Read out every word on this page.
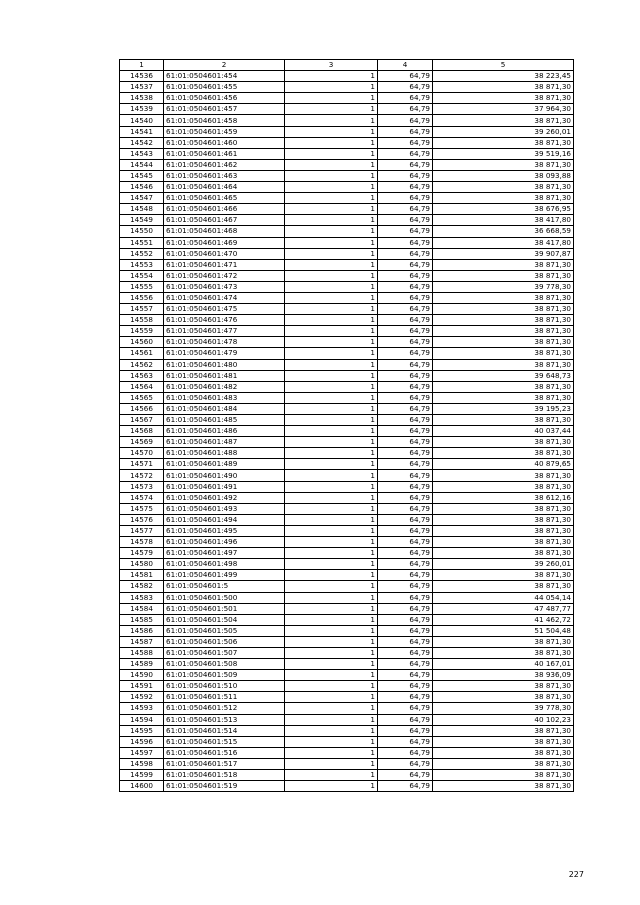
1	2	3	4	5
14536	61:01:0504601:454	1	64,79	38 223,45
14537	61:01:0504601:455	1	64,79	38 871,30
14538	61:01:0504601:456	1	64,79	38 871,30
14539	61:01:0504601:457	1	64,79	37 964,30
14540	61:01:0504601:458	1	64,79	38 871,30
14541	61:01:0504601:459	1	64,79	39 260,01
14542	61:01:0504601:460	1	64,79	38 871,30
14543	61:01:0504601:461	1	64,79	39 519,16
14544	61:01:0504601:462	1	64,79	38 871,30
14545	61:01:0504601:463	1	64,79	38 093,88
14546	61:01:0504601:464	1	64,79	38 871,30
14547	61:01:0504601:465	1	64,79	38 871,30
14548	61:01:0504601:466	1	64,79	38 676,95
14549	61:01:0504601:467	1	64,79	38 417,80
14550	61:01:0504601:468	1	64,79	36 668,59
14551	61:01:0504601:469	1	64,79	38 417,80
14552	61:01:0504601:470	1	64,79	39 907,87
14553	61:01:0504601:471	1	64,79	38 871,30
14554	61:01:0504601:472	1	64,79	38 871,30
14555	61:01:0504601:473	1	64,79	39 778,30
14556	61:01:0504601:474	1	64,79	38 871,30
14557	61:01:0504601:475	1	64,79	38 871,30
14558	61:01:0504601:476	1	64,79	38 871,30
14559	61:01:0504601:477	1	64,79	38 871,30
14560	61:01:0504601:478	1	64,79	38 871,30
14561	61:01:0504601:479	1	64,79	38 871,30
14562	61:01:0504601:480	1	64,79	38 871,30
14563	61:01:0504601:481	1	64,79	39 648,73
14564	61:01:0504601:482	1	64,79	38 871,30
14565	61:01:0504601:483	1	64,79	38 871,30
14566	61:01:0504601:484	1	64,79	39 195,23
14567	61:01:0504601:485	1	64,79	38 871,30
14568	61:01:0504601:486	1	64,79	40 037,44
14569	61:01:0504601:487	1	64,79	38 871,30
14570	61:01:0504601:488	1	64,79	38 871,30
14571	61:01:0504601:489	1	64,79	40 879,65
14572	61:01:0504601:490	1	64,79	38 871,30
14573	61:01:0504601:491	1	64,79	38 871,30
14574	61:01:0504601:492	1	64,79	38 612,16
14575	61:01:0504601:493	1	64,79	38 871,30
14576	61:01:0504601:494	1	64,79	38 871,30
14577	61:01:0504601:495	1	64,79	38 871,30
14578	61:01:0504601:496	1	64,79	38 871,30
14579	61:01:0504601:497	1	64,79	38 871,30
14580	61:01:0504601:498	1	64,79	39 260,01
14581	61:01:0504601:499	1	64,79	38 871,30
14582	61:01:0504601:5	1	64,79	38 871,30
14583	61:01:0504601:500	1	64,79	44 054,14
14584	61:01:0504601:501	1	64,79	47 487,77
14585	61:01:0504601:504	1	64,79	41 462,72
14586	61:01:0504601:505	1	64,79	51 504,48
14587	61:01:0504601:506	1	64,79	38 871,30
14588	61:01:0504601:507	1	64,79	38 871,30
14589	61:01:0504601:508	1	64,79	40 167,01
14590	61:01:0504601:509	1	64,79	38 936,09
14591	61:01:0504601:510	1	64,79	38 871,30
14592	61:01:0504601:511	1	64,79	38 871,30
14593	61:01:0504601:512	1	64,79	39 778,30
14594	61:01:0504601:513	1	64,79	40 102,23
14595	61:01:0504601:514	1	64,79	38 871,30
14596	61:01:0504601:515	1	64,79	38 871,30
14597	61:01:0504601:516	1	64,79	38 871,30
14598	61:01:0504601:517	1	64,79	38 871,30
14599	61:01:0504601:518	1	64,79	38 871,30
14600	61:01:0504601:519	1	64,79	38 871,30
227
